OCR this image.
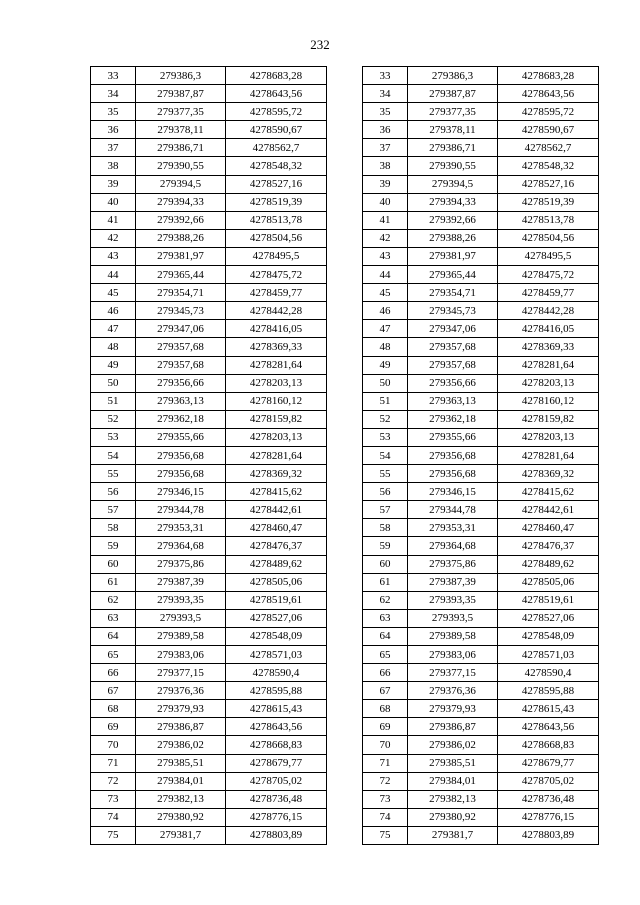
232
33	279386,3	4278683,28
34	279387,87	4278643,56
35	279377,35	4278595,72
36	279378,11	4278590,67
37	279386,71	4278562,7
38	279390,55	4278548,32
39	279394,5	4278527,16
40	279394,33	4278519,39
41	279392,66	4278513,78
42	279388,26	4278504,56
43	279381,97	4278495,5
44	279365,44	4278475,72
45	279354,71	4278459,77
46	279345,73	4278442,28
47	279347,06	4278416,05
48	279357,68	4278369,33
49	279357,68	4278281,64
50	279356,66	4278203,13
51	279363,13	4278160,12
52	279362,18	4278159,82
53	279355,66	4278203,13
54	279356,68	4278281,64
55	279356,68	4278369,32
56	279346,15	4278415,62
57	279344,78	4278442,61
58	279353,31	4278460,47
59	279364,68	4278476,37
60	279375,86	4278489,62
61	279387,39	4278505,06
62	279393,35	4278519,61
63	279393,5	4278527,06
64	279389,58	4278548,09
65	279383,06	4278571,03
66	279377,15	4278590,4
67	279376,36	4278595,88
68	279379,93	4278615,43
69	279386,87	4278643,56
70	279386,02	4278668,83
71	279385,51	4278679,77
72	279384,01	4278705,02
73	279382,13	4278736,48
74	279380,92	4278776,15
75	279381,7	4278803,89
33	279386,3	4278683,28
34	279387,87	4278643,56
35	279377,35	4278595,72
36	279378,11	4278590,67
37	279386,71	4278562,7
38	279390,55	4278548,32
39	279394,5	4278527,16
40	279394,33	4278519,39
41	279392,66	4278513,78
42	279388,26	4278504,56
43	279381,97	4278495,5
44	279365,44	4278475,72
45	279354,71	4278459,77
46	279345,73	4278442,28
47	279347,06	4278416,05
48	279357,68	4278369,33
49	279357,68	4278281,64
50	279356,66	4278203,13
51	279363,13	4278160,12
52	279362,18	4278159,82
53	279355,66	4278203,13
54	279356,68	4278281,64
55	279356,68	4278369,32
56	279346,15	4278415,62
57	279344,78	4278442,61
58	279353,31	4278460,47
59	279364,68	4278476,37
60	279375,86	4278489,62
61	279387,39	4278505,06
62	279393,35	4278519,61
63	279393,5	4278527,06
64	279389,58	4278548,09
65	279383,06	4278571,03
66	279377,15	4278590,4
67	279376,36	4278595,88
68	279379,93	4278615,43
69	279386,87	4278643,56
70	279386,02	4278668,83
71	279385,51	4278679,77
72	279384,01	4278705,02
73	279382,13	4278736,48
74	279380,92	4278776,15
75	279381,7	4278803,89
